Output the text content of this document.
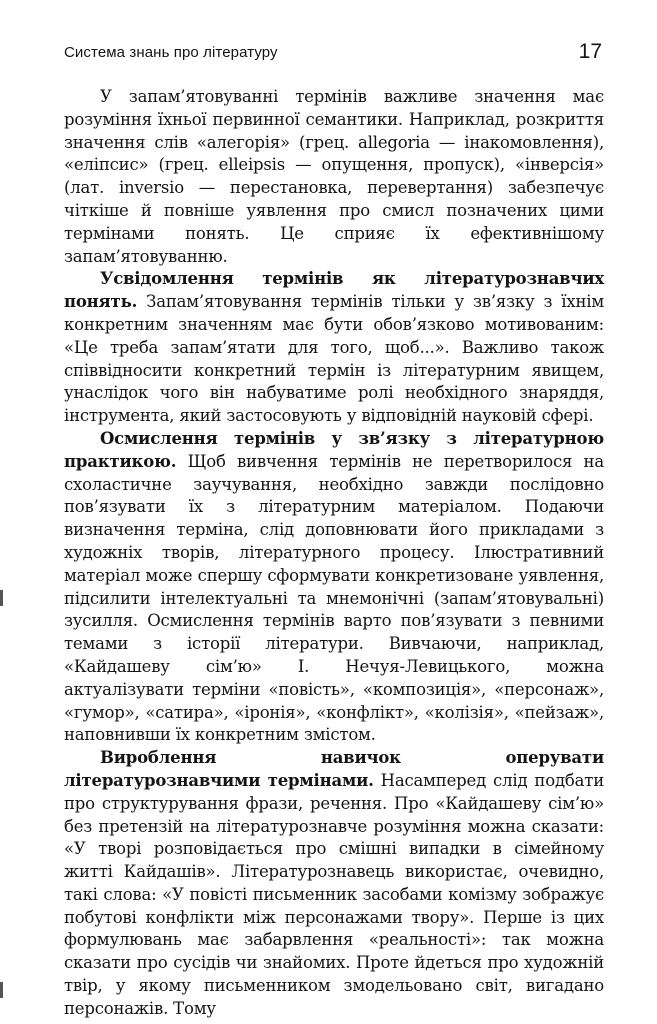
Система знань про літературу	17

У запам’ятовуванні термінів важливе значення має розуміння їхньої первинної семантики. Наприклад, розкриття значення слів «алегорія» (грец. allegoria — інакомовлення), «еліпсис» (грец. elleipsis — опущення, пропуск), «інверсія» (лат. inversio — перестановка, перевертання) забезпечує чіткіше й повніше уявлення про смисл позначених цими термінами понять. Це сприяє їх ефективнішому запам’ятовуванню.

Усвідомлення термінів як літературознавчих понять. Запам’ятовування термінів тільки у зв’язку з їхнім конкретним значенням має бути обов’язково мотивованим: «Це треба запам’ятати для того, щоб...». Важливо також співвідносити конкретний термін із літературним явищем, унаслідок чого він набуватиме ролі необхідного знаряддя, інструмента, який застосовують у відповідній науковій сфері.

Осмислення термінів у зв’язку з літературною практикою. Щоб вивчення термінів не перетворилося на схоластичне заучування, необхідно завжди послідовно пов’язувати їх з літературним матеріалом. Подаючи визначення терміна, слід доповнювати його прикладами з художніх творів, літературного процесу. Ілюстративний матеріал може спершу сформувати конкретизоване уявлення, підсилити інтелектуальні та мнемонічні (запам’ятовувальні) зусилля. Осмислення термінів варто пов’язувати з певними темами з історії літератури. Вивчаючи, наприклад, «Кайдашеву сім’ю» І. Нечуя-Левицького, можна актуалізувати терміни «повість», «композиція», «персонаж», «гумор», «сатира», «іронія», «конфлікт», «колізія», «пейзаж», наповнивши їх конкретним змістом.

Вироблення навичок оперувати літературознавчими термінами. Насамперед слід подбати про структурування фрази, речення. Про «Кайдашеву сім’ю» без претензій на літературознавче розуміння можна сказати: «У творі розповідається про смішні випадки в сімейному житті Кайдашів». Літературознавець використає, очевидно, такі слова: «У повісті письменник засобами комізму зображує побутові конфлікти між персонажами твору». Перше із цих формулювань має забарвлення «реальності»: так можна сказати про сусідів чи знайомих. Проте йдеться про художній твір, у якому письменником змодельовано світ, вигадано персонажів. Тому
